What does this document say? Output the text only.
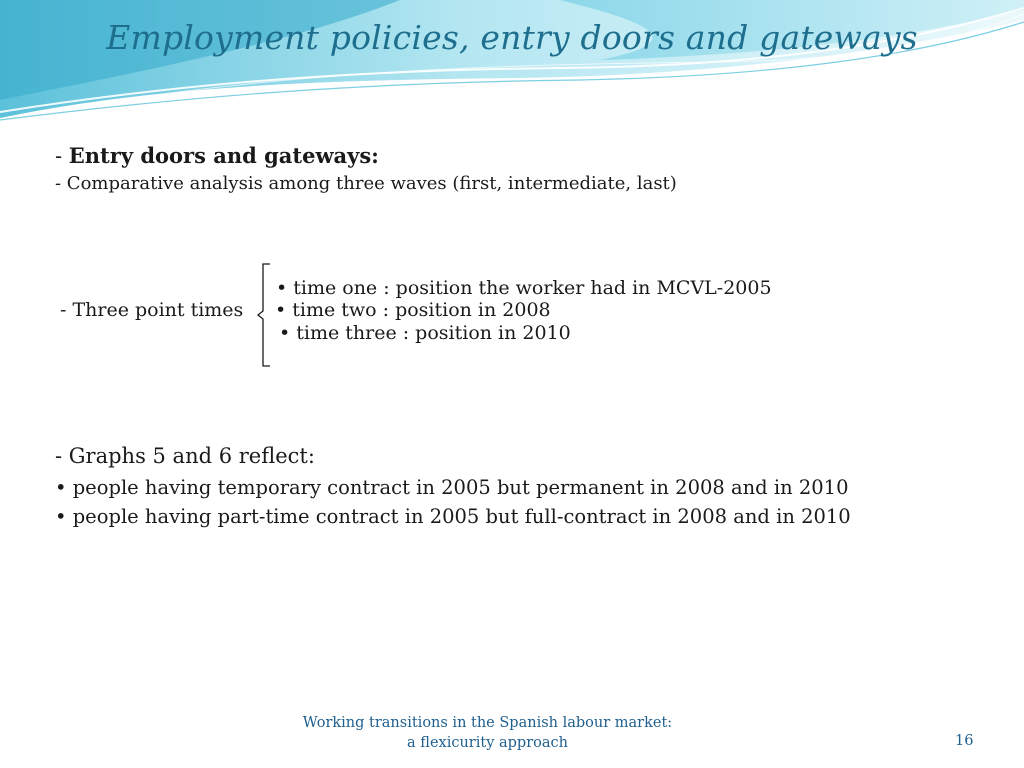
Employment policies, entry doors and gateways
- Entry doors and gateways:
- Comparative analysis among three waves (first, intermediate, last)
- Three point times
• time one : position the worker had in MCVL-2005
• time two : position in 2008
• time three : position in 2010
- Graphs 5 and 6 reflect:
• people having temporary contract in 2005 but permanent in 2008 and in 2010
• people having part-time contract in 2005 but full-contract in 2008 and in 2010
Working transitions in the Spanish labour market:
a flexicurity approach	16
